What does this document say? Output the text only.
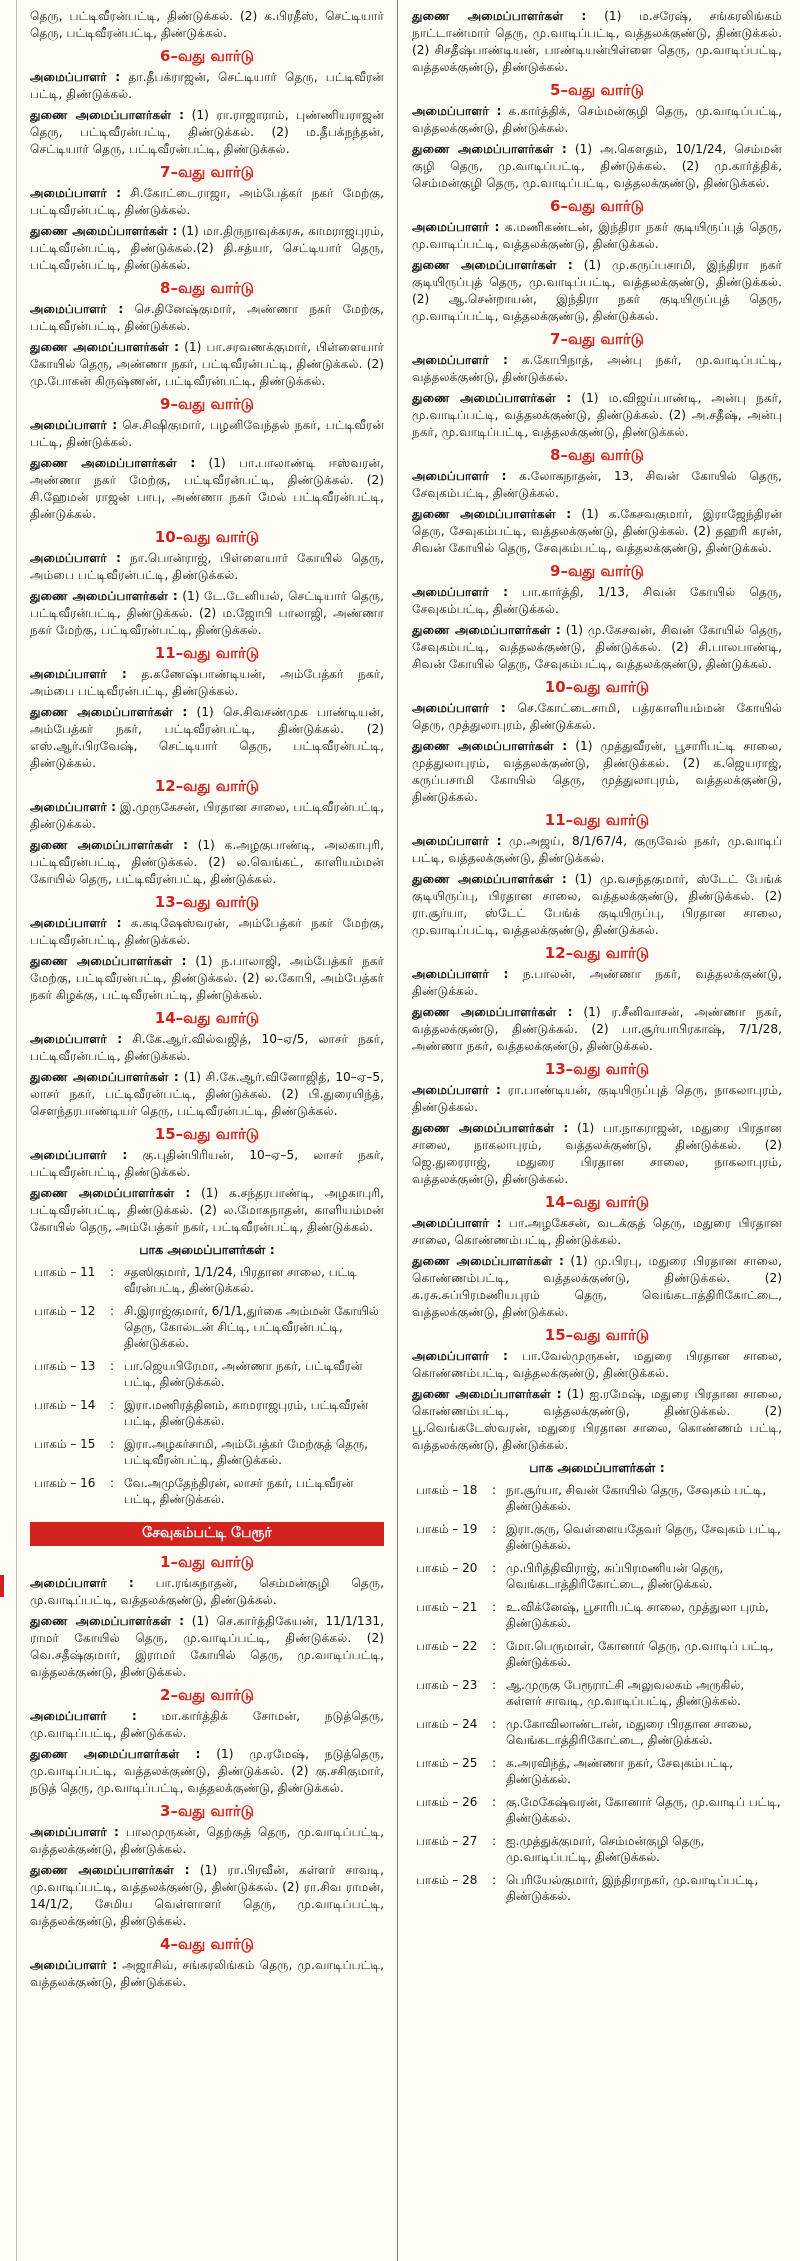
தெரு, பட்டிவீரன்பட்டி, திண்டுக்கல். (2) க.பிரதீஸ், செட்டியார் தெரு, பட்டிவீரன்பட்டி, திண்டுக்கல்.

6–வது வார்டு

அமைப்பாளர் : தா.தீபக்ராஜன், செட்டியார் தெரு, பட்டிவீரன் பட்டி, திண்டுக்கல்.

துணை அமைப்பாளர்கள் : (1) ரா.ராஜாராம், புண்ணியராஜன் தெரு, பட்டிவீரன்பட்டி, திண்டுக்கல். (2) ம.தீபக்நந்தன், செட்டியார் தெரு, பட்டிவீரன்பட்டி, திண்டுக்கல்.

7–வது வார்டு

அமைப்பாளர் : சி.கோட்டைராஜா, அம்பேத்கர் நகர் மேற்கு, பட்டிவீரன்பட்டி, திண்டுக்கல்.

துணை அமைப்பாளர்கள் : (1) மா.திருநாவுக்கரசு, காமராஜபுரம், பட்டிவீரன்பட்டி, திண்டுக்கல்.(2) தி.சத்யா, செட்டியார் தெரு, பட்டிவீரன்பட்டி, திண்டுக்கல்.

8–வது வார்டு

அமைப்பாளர் : செ.தினேஷ்குமார், அண்ணா நகர் மேற்கு, பட்டிவீரன்பட்டி, திண்டுக்கல்.

துணை அமைப்பாளர்கள் : (1) பா.சரவணக்குமார், பிள்ளையார் கோயில் தெரு, அண்ணா நகர், பட்டிவீரன்பட்டி, திண்டுக்கல். (2) மு.போகன் கிருஷ்ணன், பட்டிவீரன்பட்டி, திண்டுக்கல்.

9–வது வார்டு

அமைப்பாளர் : செ.சிஷிகுமார், பழனிவேந்தல் நகர், பட்டிவீரன் பட்டி, திண்டுக்கல்.

துணை அமைப்பாளர்கள் : (1) பா.பாலாண்டி ஈஸ்வரன், அண்ணா நகர் மேற்கு, பட்டிவீரன்பட்டி, திண்டுக்கல். (2) சி.ஹேமன் ராஜன் பாபு, அண்ணா நகர் மேல் பட்டிவீரன்பட்டி, திண்டுக்கல்.

10–வது வார்டு

அமைப்பாளர் : நா.பொன்ராஜ், பிள்ளையார் கோயில் தெரு, அம்பை பட்டிவீரன்பட்டி, திண்டுக்கல்.

துணை அமைப்பாளர்கள் : (1) டே.டேனியல், செட்டியார் தெரு, பட்டிவீரன்பட்டி, திண்டுக்கல். (2) ம.ஜோபி பாலாஜி, அண்ணா நகர் மேற்கு, பட்டிவீரன்பட்டி, திண்டுக்கல்.

11–வது வார்டு

அமைப்பாளர் : த.கணேஷ்பாண்டியன், அம்பேத்கர் நகர், அம்பை பட்டிவீரன்பட்டி, திண்டுக்கல்.

துணை அமைப்பாளர்கள் : (1) செ.சிவசண்முக பாண்டியன், அம்பேத்கர் நகர், பட்டிவீரன்பட்டி, திண்டுக்கல். (2) எஸ்.ஆர்.பிரவேஷ், செட்டியார் தெரு, பட்டிவீரன்பட்டி, திண்டுக்கல்.

12–வது வார்டு

அமைப்பாளர் : இ.முருகேசன், பிரதான சாலை, பட்டிவீரன்பட்டி, திண்டுக்கல்.

துணை அமைப்பாளர்கள் : (1) க.அழகுபாண்டி, அலகாபுரி, பட்டிவீரன்பட்டி, திண்டுக்கல். (2) ல.வெங்கட், காளியம்மன் கோயில் தெரு, பட்டிவீரன்பட்டி, திண்டுக்கல்.

13–வது வார்டு

அமைப்பாளர் : க.கடிஷேஸ்வரன், அம்பேத்கர் நகர் மேற்கு, பட்டிவீரன்பட்டி, திண்டுக்கல்.

துணை அமைப்பாளர்கள் : (1) ந.பாலாஜி, அம்பேத்கர் நகர் மேற்கு, பட்டிவீரன்பட்டி, திண்டுக்கல். (2) ல.கோபி, அம்பேத்கர் நகர் கிழக்கு, பட்டிவீரன்பட்டி, திண்டுக்கல்.

14–வது வார்டு

அமைப்பாளர் : சி.கே.ஆர்.வில்வஜித், 10–ஏ/5, லாசர் நகர், பட்டிவீரன்பட்டி, திண்டுக்கல்.

துணை அமைப்பாளர்கள் : (1) சி.கே.ஆர்.வினோஜித், 10–ஏ–5, லாசர் நகர், பட்டிவீரன்பட்டி, திண்டுக்கல். (2) பி.துரையிந்த், சௌந்தரபாண்டியர் தெரு, பட்டிவீரன்பட்டி, திண்டுக்கல்.

15–வது வார்டு

அமைப்பாளர் : கு.புதின்பிரியன், 10–ஏ–5, லாசர் நகர், பட்டிவீரன்பட்டி, திண்டுக்கல்.

துணை அமைப்பாளர்கள் : (1) க.சந்தரபாண்டி, அழகாபுரி, பட்டிவீரன்பட்டி, திண்டுக்கல். (2) ல.மோகநாதன், காளியம்மன் கோயில் தெரு, அம்பேத்கர் நகர், பட்டிவீரன்பட்டி, திண்டுக்கல்.

பாக அமைப்பாளர்கள் :
பாகம் – 11	:	சதஸிகுமார், 1/1/24, பிரதான சாலை, பட்டி வீரன்பட்டி, திண்டுக்கல்.
பாகம் – 12	:	சி.இராஜ்குமார், 6/1/1,துர்கை அம்மன் கோயில் தெரு, கோல்டன் சிட்டி, பட்டிவீரன்பட்டி, திண்டுக்கல்.
பாகம் – 13	:	பா.ஜெயபிரேமா, அண்ணா நகர், பட்டிவீரன் பட்டி, திண்டுக்கல்.
பாகம் – 14	:	இரா.மணிரத்தினம், காமராஜபுரம், பட்டிவீரன் பட்டி, திண்டுக்கல்.
பாகம் – 15	:	இரா.அழகர்சாமி, அம்பேத்கர் மேற்குத் தெரு, பட்டிவீரன்பட்டி, திண்டுக்கல்.
பாகம் – 16	:	வே.அமுதேந்திரன், லாசர் நகர், பட்டிவீரன் பட்டி, திண்டுக்கல்.
சேவுகம்பட்டி பேரூர்
1–வது வார்டு

அமைப்பாளர் : பா.ரங்கநாதன், செம்மன்குழி தெரு, மு.வாடிப்பட்டி, வத்தலக்குண்டு, திண்டுக்கல்.

துணை அமைப்பாளர்கள் : (1) செ.கார்த்திகேயன், 11/1/131, ராமர் கோயில் தெரு, மு.வாடிப்பட்டி, திண்டுக்கல். (2) வெ.சதீஷ்குமார், இராமர் கோயில் தெரு, மு.வாடிப்பட்டி, வத்தலக்குண்டு, திண்டுக்கல்.

2–வது வார்டு

அமைப்பாளர் : மா.கார்த்திக் சோமன், நடுத்தெரு, மு.வாடிப்பட்டி, திண்டுக்கல்.

துணை அமைப்பாளர்கள் : (1) மு.ரமேஷ், நடுத்தெரு, மு.வாடிப்பட்டி, வத்தலக்குண்டு, திண்டுக்கல். (2) கு.சசிகுமார், நடுத் தெரு, மு.வாடிப்பட்டி, வத்தலக்குண்டு, திண்டுக்கல்.

3–வது வார்டு

அமைப்பாளர் : பாலமுருகன், தெற்குத் தெரு, மு.வாடிப்பட்டி, வத்தலக்குண்டு, திண்டுக்கல்.

துணை அமைப்பாளர்கள் : (1) ரா.பிரவீன், கள்ளர் சாவடி, மு.வாடிப்பட்டி, வத்தலக்குண்டு, திண்டுக்கல். (2) ரா.சிவ ராமன், 14/1/2, சேமிய வெள்ளாளர் தெரு, மு.வாடிப்பட்டி, வத்தலக்குண்டு, திண்டுக்கல்.

4–வது வார்டு

அமைப்பாளர் : அஜாசிவ், சங்கரலிங்கம் தெரு, மு.வாடிப்பட்டி, வத்தலக்குண்டு, திண்டுக்கல்.

துணை அமைப்பாளர்கள் : (1) ம.சரேஷ், சங்கரலிங்கம் நாட்டாண்மார் தெரு, மு.வாடிப்பட்டி, வத்தலக்குண்டு, திண்டுக்கல். (2) சிசதீஷ்பாண்டியன், பாண்டியன்பிள்ளை தெரு, மு.வாடிப்பட்டி, வத்தலக்குண்டு, திண்டுக்கல்.

5–வது வார்டு

அமைப்பாளர் : க.கார்த்திக், செம்மன்குழி தெரு, மு.வாடிப்பட்டி, வத்தலக்குண்டு, திண்டுக்கல்.

துணை அமைப்பாளர்கள் : (1) அ.கௌதம், 10/1/24, செம்மன் குழி தெரு, மு.வாடிப்பட்டி, திண்டுக்கல். (2) மு.கார்த்திக், செம்மன்குழி தெரு, மு.வாடிப்பட்டி, வத்தலக்குண்டு, திண்டுக்கல்.

6–வது வார்டு

அமைப்பாளர் : க.மணிகண்டன், இந்திரா நகர் குடியிருப்புத் தெரு, மு.வாடிப்பட்டி, வத்தலக்குண்டு, திண்டுக்கல்.

துணை அமைப்பாளர்கள் : (1) மு.கருப்பசாமி, இந்திரா நகர் குடியிருப்புத் தெரு, மு.வாடிப்பட்டி, வத்தலக்குண்டு, திண்டுக்கல். (2) ஆ.சென்றாயன், இந்திரா நகர் குடியிருப்புத் தெரு, மு.வாடிப்பட்டி, வத்தலக்குண்டு, திண்டுக்கல்.

7–வது வார்டு

அமைப்பாளர் : க.கோபிநாத், அன்பு நகர், மு.வாடிப்பட்டி, வத்தலக்குண்டு, திண்டுக்கல்.

துணை அமைப்பாளர்கள் : (1) ம.விஜய்பாண்டி, அன்பு நகர், மு.வாடிப்பட்டி, வத்தலக்குண்டு, திண்டுக்கல். (2) அ.சதீஷ், அன்பு நகர், மு.வாடிப்பட்டி, வத்தலக்குண்டு, திண்டுக்கல்.

8–வது வார்டு

அமைப்பாளர் : க.லோகநாதன், 13, சிவன் கோயில் தெரு, சேவுகம்பட்டி, திண்டுக்கல்.

துணை அமைப்பாளர்கள் : (1) க.கேசவகுமார், இராஜேந்திரன் தெரு, சேவுகம்பட்டி, வத்தலக்குண்டு, திண்டுக்கல். (2) தஹரி கரன், சிவன் கோயில் தெரு, சேவுகம்பட்டி, வத்தலக்குண்டு, திண்டுக்கல்.

9–வது வார்டு

அமைப்பாளர் : பா.கார்த்தி, 1/13, சிவன் கோயில் தெரு, சேவுகம்பட்டி, திண்டுக்கல்.

துணை அமைப்பாளர்கள் : (1) மு.கேசவன், சிவன் கோயில் தெரு, சேவுகம்பட்டி, வத்தலக்குண்டு, திண்டுக்கல். (2) சி.பாலபாண்டி, சிவன் கோயில் தெரு, சேவுகம்பட்டி, வத்தலக்குண்டு, திண்டுக்கல்.

10–வது வார்டு

அமைப்பாளர் : செ.கோட்டைசாமி, பத்ரகாளியம்மன் கோயில் தெரு, முத்துலாபுரம், திண்டுக்கல்.

துணை அமைப்பாளர்கள் : (1) முத்துவீரன், பூசாரிபட்டி சாலை, முத்துலாபுரம், வத்தலக்குண்டு, திண்டுக்கல். (2) க.ஜெயராஜ், கருப்பசாமி கோயில் தெரு, முத்துலாபுரம், வத்தலக்குண்டு, திண்டுக்கல்.

11–வது வார்டு

அமைப்பாளர் : மு.அஜய், 8/1/67/4, குருவேல் நகர், மு.வாடிப் பட்டி, வத்தலக்குண்டு, திண்டுக்கல்.

துணை அமைப்பாளர்கள் : (1) மு.வசந்தகுமார், ஸ்டேட் பேங்க் குடியிருப்பு, பிரதான சாலை, வத்தலக்குண்டு, திண்டுக்கல். (2) ரா.சூர்யா, ஸ்டேட் பேங்க் குடியிருப்பு, பிரதான சாலை, மு.வாடிப்பட்டி, வத்தலக்குண்டு, திண்டுக்கல்.

12–வது வார்டு

அமைப்பாளர் : ந.பாலன், அண்ணா நகர், வத்தலக்குண்டு, திண்டுக்கல்.

துணை அமைப்பாளர்கள் : (1) ர.சீனிவாசன், அண்ணா நகர், வத்தலக்குண்டு, திண்டுக்கல். (2) பா.சூர்யாபிரகாஷ், 7/1/28, அண்ணா நகர், வத்தலக்குண்டு, திண்டுக்கல்.

13–வது வார்டு

அமைப்பாளர் : ரா.பாண்டியன், குடியிருப்புத் தெரு, நாகலாபுரம், திண்டுக்கல்.

துணை அமைப்பாளர்கள் : (1) பா.நாகராஜன், மதுரை பிரதான சாலை, நாகலாபுரம், வத்தலக்குண்டு, திண்டுக்கல். (2) ஜெ.துரைராஜ், மதுரை பிரதான சாலை, நாகலாபுரம், வத்தலக்குண்டு, திண்டுக்கல்.

14–வது வார்டு

அமைப்பாளர் : பா.அழகேசன், வடக்குத் தெரு, மதுரை பிரதான சாலை, கொண்ணம்பட்டி, திண்டுக்கல்.

துணை அமைப்பாளர்கள் : (1) மு.பிரபு, மதுரை பிரதான சாலை, கொண்ணம்பட்டி, வத்தலக்குண்டு, திண்டுக்கல். (2) க.ரசு.சுப்பிரமணியபுரம் தெரு, வெங்கடாத்திரிகோட்டை, வத்தலக்குண்டு, திண்டுக்கல்.

15–வது வார்டு

அமைப்பாளர் : பா.வேல்முருகன், மதுரை பிரதான சாலை, கொண்ணம்பட்டி, வத்தலக்குண்டு, திண்டுக்கல்.

துணை அமைப்பாளர்கள் : (1) ஐ.ரமேஷ், மதுரை பிரதான சாலை, கொண்ணம்பட்டி, வத்தலக்குண்டு, திண்டுக்கல். (2) பூ.வெங்கடேஸ்வரன், மதுரை பிரதான சாலை, கொண்ணம் பட்டி, வத்தலக்குண்டு, திண்டுக்கல்.

பாக அமைப்பாளர்கள் :
பாகம் – 18	:	நா.சூர்யா, சிவன் கோயில் தெரு, சேவுகம் பட்டி, திண்டுக்கல்.
பாகம் – 19	:	இரா.குரு, வெள்ளையதேவர் தெரு, சேவுகம் பட்டி, திண்டுக்கல்.
பாகம் – 20	:	மு.பிரித்திவிராஜ், சுப்பிரமணியன் தெரு, வெங்கடாத்திரிகோட்டை, திண்டுக்கல்.
பாகம் – 21	:	உ.விக்னேஷ், பூசாரிபட்டி சாலை, முத்துலா புரம், திண்டுக்கல்.
பாகம் – 22	:	மோ.பெருமாள், கோனார் தெரு, மு.வாடிப் பட்டி, திண்டுக்கல்.
பாகம் – 23	:	ஆ.முருகு பேரூராட்சி அலுவலகம் அருகில், கள்ளர் சாவடி, மு.வாடிப்பட்டி, திண்டுக்கல்.
பாகம் – 24	:	மு.கோவிலாண்டான், மதுரை பிரதான சாலை, வெங்கடாத்திரிகோட்டை, திண்டுக்கல்.
பாகம் – 25	:	க.அரவிந்த், அண்ணா நகர், சேவுகம்பட்டி, திண்டுக்கல்.
பாகம் – 26	:	கு.மேகேஷ்வரன், கோனார் தெரு, மு.வாடிப் பட்டி, திண்டுக்கல்.
பாகம் – 27	:	ஐ.முத்துக்குமார், செம்மன்குழி தெரு, மு.வாடிப்பட்டி, திண்டுக்கல்.
பாகம் – 28	:	பெரியேல்குமார், இந்திராநகர், மு.வாடிப்பட்டி, திண்டுக்கல்.
